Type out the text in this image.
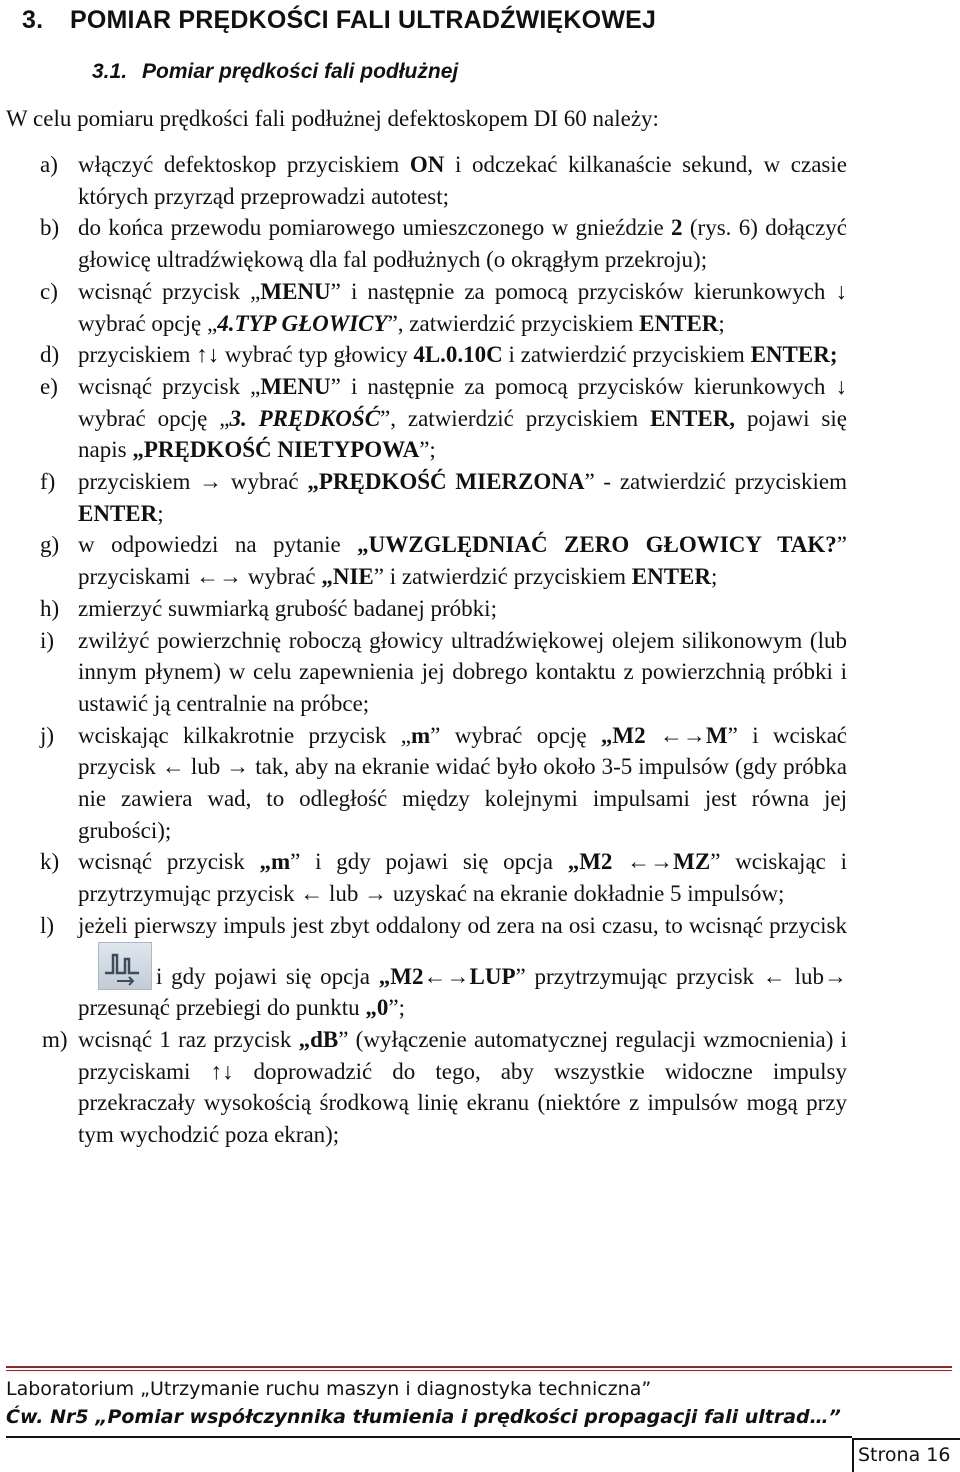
3. POMIAR PRĘDKOŚCI FALI ULTRADŹWIĘKOWEJ
3.1. Pomiar prędkości fali podłużnej
W celu pomiaru prędkości fali podłużnej defektoskopem DI 60 należy:
a) włączyć defektoskop przyciskiem ON i odczekać kilkanaście sekund, w czasie których przyrząd przeprowadzi autotest;
b) do końca przewodu pomiarowego umieszczonego w gnieździe 2 (rys. 6) dołączyć głowicę ultradźwiękową dla fal podłużnych (o okrągłym przekroju);
c) wcisnąć przycisk „MENU” i następnie za pomocą przycisków kierunkowych ↓ wybrać opcję „4.TYP GŁOWICY”, zatwierdzić przyciskiem ENTER;
d) przyciskiem ↑↓ wybrać typ głowicy 4L.0.10C i zatwierdzić przyciskiem ENTER;
e) wcisnąć przycisk „MENU” i następnie za pomocą przycisków kierunkowych ↓ wybrać opcję „3. PRĘDKOŚĆ”, zatwierdzić przyciskiem ENTER, pojawi się napis „PRĘDKOŚĆ NIETYPOWA”;
f) przyciskiem → wybrać „PRĘDKOŚĆ MIERZONA” - zatwierdzić przyciskiem ENTER;
g) w odpowiedzi na pytanie „UWZGLĘDNIAĆ ZERO GŁOWICY TAK?” przyciskami ←→ wybrać „NIE” i zatwierdzić przyciskiem ENTER;
h) zmierzyć suwmiarką grubość badanej próbki;
i)	zwilżyć powierzchnię roboczą głowicy ultradźwiękowej olejem silikonowym (lub innym płynem) w celu zapewnienia jej dobrego kontaktu z powierzchnią próbki i ustawić ją centralnie na próbce;
j)	wciskając kilkakrotnie przycisk „m” wybrać opcję „M2 ←→M” i wciskać przycisk ← lub → tak, aby na ekranie widać było około 3-5 impulsów (gdy próbka nie zawiera wad, to odległość między kolejnymi impulsami jest równa jej grubości);
k) wcisnąć przycisk „m” i gdy pojawi się opcja „M2 ←→MZ” wciskając i przytrzymując przycisk ← lub → uzyskać na ekranie dokładnie 5 impulsów;
l)	jeżeli pierwszy impuls jest zbyt oddalony od zera na osi czasu, to wcisnąć przycisk
i gdy pojawi się opcja „M2←→LUP” przytrzymując przycisk ← lub→ przesunąć przebiegi do punktu „0”;
m) wcisnąć 1 raz przycisk „dB” (wyłączenie automatycznej regulacji wzmocnienia) i przyciskami ↑↓ doprowadzić do tego, aby wszystkie widoczne impulsy przekraczały wysokością środkową linię ekranu (niektóre z impulsów mogą przy tym wychodzić poza ekran);
Laboratorium „Utrzymanie ruchu maszyn i diagnostyka techniczna”
Ćw. Nr5 „Pomiar współczynnika tłumienia i prędkości propagacji fali ultrad…”
Strona 16
